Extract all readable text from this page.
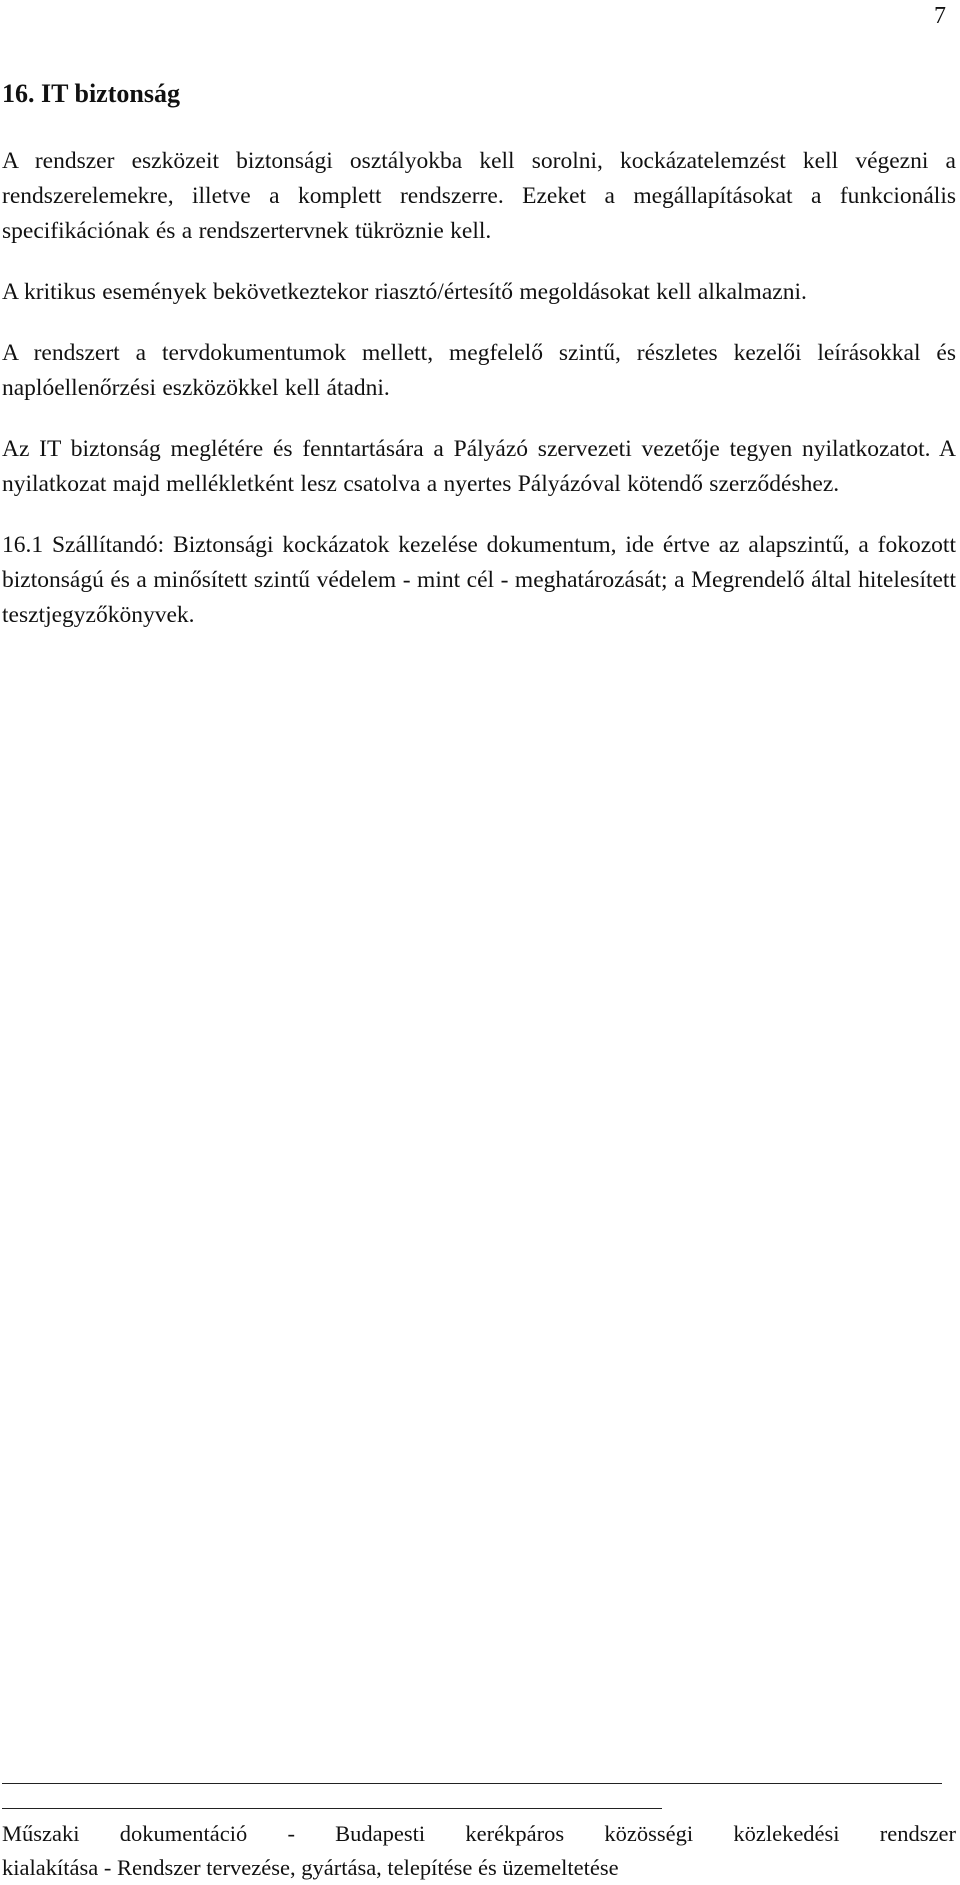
7
16. IT biztonság

A rendszer eszközeit biztonsági osztályokba kell sorolni, kockázatelemzést kell végezni a rendszerelemekre, illetve a komplett rendszerre. Ezeket a megállapításokat a funkcionális specifikációnak és a rendszertervnek tükröznie kell.

A kritikus események bekövetkeztekor riasztó/értesítő megoldásokat kell alkalmazni.

A rendszert a tervdokumentumok mellett, megfelelő szintű, részletes kezelői leírásokkal és naplóellenőrzési eszközökkel kell átadni.

Az IT biztonság meglétére és fenntartására a Pályázó szervezeti vezetője tegyen nyilatkozatot. A nyilatkozat majd mellékletként lesz csatolva a nyertes Pályázóval kötendő szerződéshez.

16.1 Szállítandó: Biztonsági kockázatok kezelése dokumentum, ide értve az alapszintű, a fokozott biztonságú és a minősített szintű védelem - mint cél - meghatározását; a Megrendelő által hitelesített tesztjegyzőkönyvek.

Műszaki dokumentáció - Budapesti kerékpáros közösségi közlekedési rendszer
kialakítása - Rendszer tervezése, gyártása, telepítése és üzemeltetése
